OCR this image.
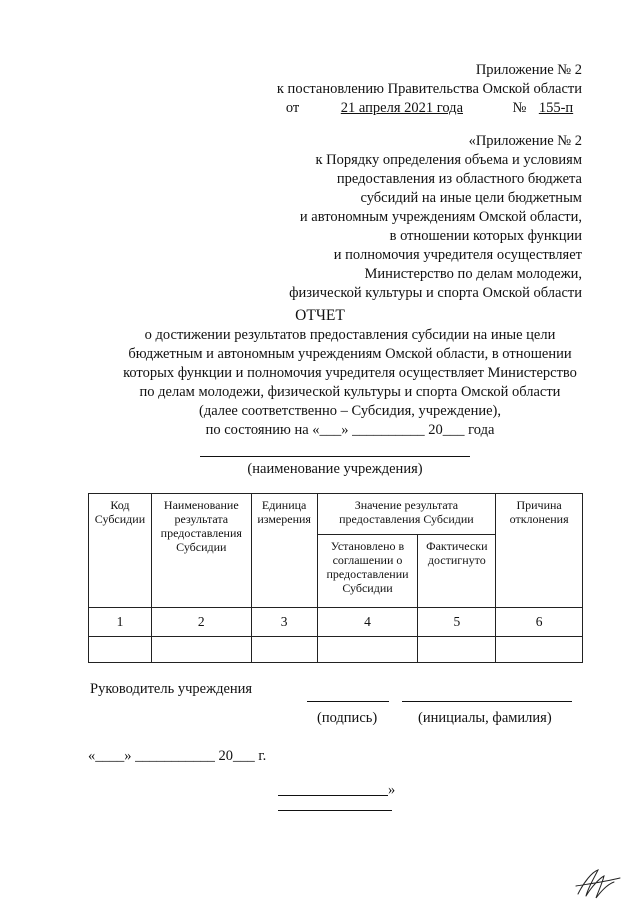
Приложение № 2
к постановлению Правительства Омской области
от	21 апреля 2021 года	№ 155-п
«Приложение № 2
к Порядку определения объема и условиям
предоставления из областного бюджета
субсидий на иные цели бюджетным
и автономным учреждениям Омской области,
в отношении которых функции
и полномочия учредителя осуществляет
Министерство по делам молодежи,
физической культуры и спорта Омской области
ОТЧЕТ
о достижении результатов предоставления субсидии на иные цели
бюджетным и автономным учреждениям Омской области, в отношении
которых функции и полномочия учредителя осуществляет Министерство
по делам молодежи, физической культуры и спорта Омской области
(далее соответственно – Субсидия, учреждение),
по состоянию на «___» __________ 20___ года
(наименование учреждения)
Код Субсидии	Наименование результата предоставления Субсидии	Единица измерения	Значение результата предоставления Субсидии		Причина отклонения
			Установлено в соглашении о предоставлении Субсидии	Фактически достигнуто	
1	2	3	4	5	6

Руководитель учреждения
(подпись)	(инициалы, фамилия)
«____» ___________ 20___ г.
»
